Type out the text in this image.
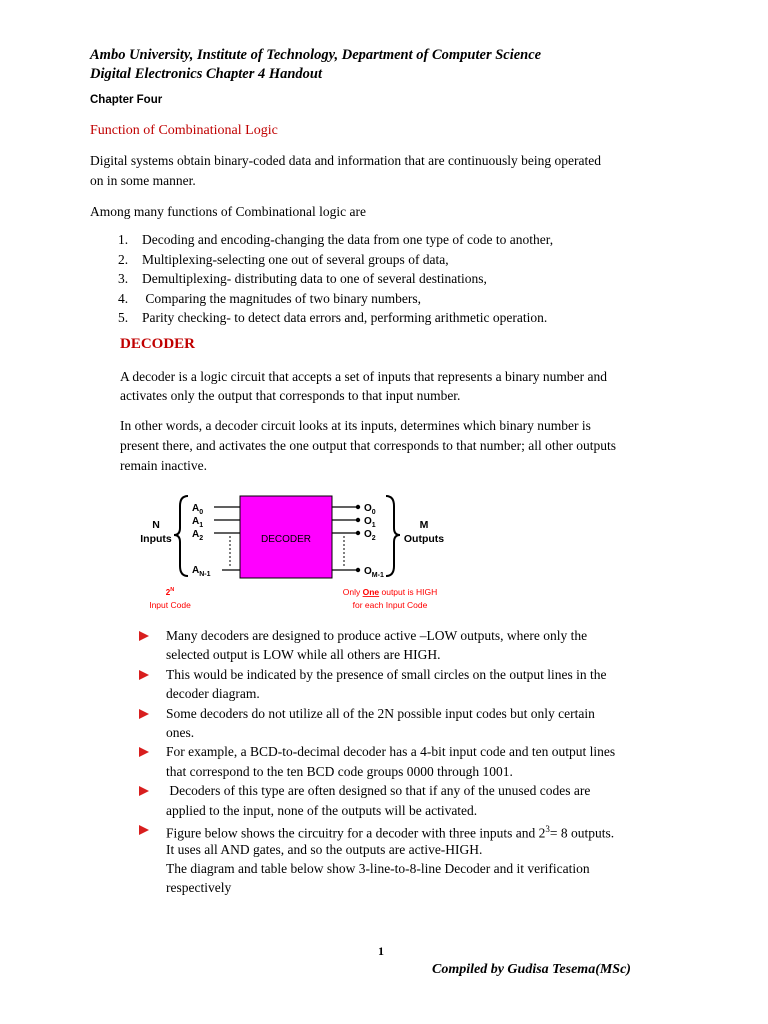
Ambo University, Institute of Technology, Department of Computer Science
Digital Electronics Chapter 4 Handout
Chapter Four
Function of Combinational Logic
Digital systems obtain binary-coded data and information that are continuously being operated
on in some manner.
Among many functions of Combinational logic are
1. Decoding and encoding-changing the data from one type of code to another,
2. Multiplexing-selecting one out of several groups of data,
3. Demultiplexing- distributing data to one of several destinations,
4. Comparing the magnitudes of two binary numbers,
5. Parity checking- to detect data errors and, performing arithmetic operation.
DECODER
A decoder is a logic circuit that accepts a set of inputs that represents a binary number and
activates only the output that corresponds to that input number.
In other words, a decoder circuit looks at its inputs, determines which binary number is
present there, and activates the one output that corresponds to that number; all other outputs
remain inactive.
N
Inputs
$A_0$
$A_1$
$A_2$
$A_{N-1}$
DECODER
$O_0$
$O_1$
$O_2$
$O_{M-1}$
M
Outputs
$2^N$
Input Code
Only One output is HIGH
for each Input Code
Many decoders are designed to produce active –LOW outputs, where only the
selected output is LOW while all others are HIGH.
This would be indicated by the presence of small circles on the output lines in the
decoder diagram.
Some decoders do not utilize all of the 2N possible input codes but only certain
ones.
For example, a BCD-to-decimal decoder has a 4-bit input code and ten output lines
that correspond to the ten BCD code groups 0000 through 1001.
Decoders of this type are often designed so that if any of the unused codes are
applied to the input, none of the outputs will be activated.
Figure below shows the circuitry for a decoder with three inputs and $2^3= 8$ outputs.
It uses all AND gates, and so the outputs are active-HIGH.
The diagram and table below show 3-line-to-8-line Decoder and it verification
respectively
1
Compiled by Gudisa Tesema(MSc)
